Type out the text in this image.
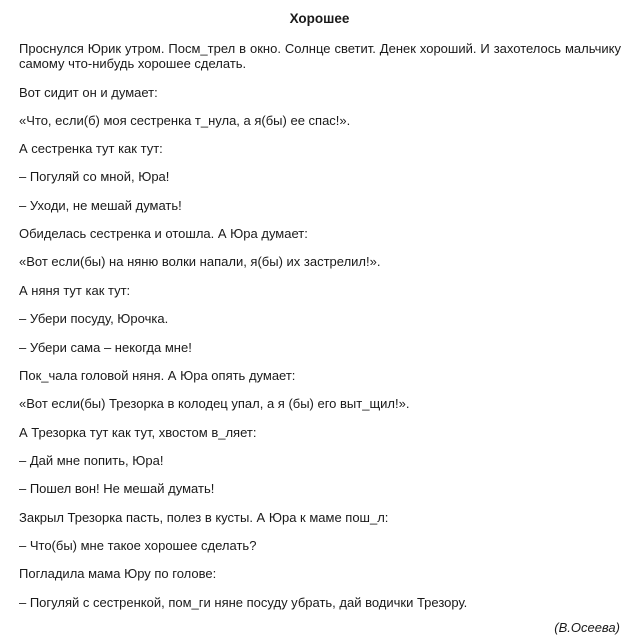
Хорошее

Проснулся Юрик утром. Посм_трел в окно. Солнце светит. Денек хороший. И захотелось мальчику самому что-нибудь хорошее сделать.

Вот сидит он и думает:

«Что, если(б) моя сестренка т_нула, а я(бы) ее спас!».

А сестренка тут как тут:

– Погуляй со мной, Юра!

– Уходи, не мешай думать!

Обиделась сестренка и отошла. А Юра думает:

«Вот если(бы) на няню волки напали, я(бы) их застрелил!».

А няня тут как тут:

– Убери посуду, Юрочка.

– Убери сама – некогда мне!

Пок_чала головой няня. А Юра опять думает:

«Вот если(бы) Трезорка в колодец упал, а я (бы) его выт_щил!».

А Трезорка тут как тут, хвостом в_ляет:

– Дай мне попить, Юра!

– Пошел вон! Не мешай думать!

Закрыл Трезорка пасть, полез в кусты. А Юра к маме пош_л:

– Что(бы) мне такое хорошее сделать?

Погладила мама Юру по голове:

– Погуляй с сестренкой, пом_ги няне посуду убрать, дай водички Трезору.

(В.Осеева)
